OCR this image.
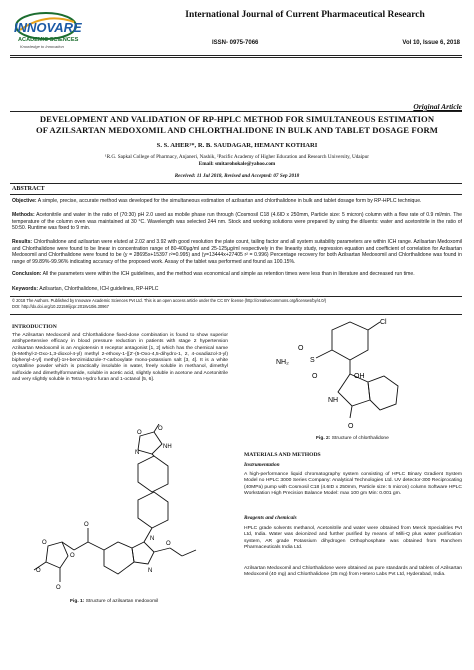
INNOVARE
ACADEMIC SCIENCES
Knowledge to Innovation
International Journal of Current Pharmaceutical Research
ISSN- 0975-7066	Vol 10, Issue 6, 2018
Original Article
DEVELOPMENT AND VALIDATION OF RP-HPLC METHOD FOR SIMULTANEOUS ESTIMATION
OF AZILSARTAN MEDOXOMIL AND CHLORTHALIDONE IN BULK AND TABLET DOSAGE FORM
S. S. AHER¹*, R. B. SAUDAGAR, HEMANT KOTHARI
¹R.G. Sapkal College of Pharmacy, Anjaneri, Nashik, ²Pacific Academy of Higher Education and Research University, Udaipur
Email: smitarohokale@yahoo.com
Received: 11 Jul 2018, Revised and Accepted: 07 Sep 2018
ABSTRACT
Objective: A simple, precise, accurate method was developed for the simultaneous estimation of azilsartan and chlorthalidone in bulk and tablet dosage form by RP-HPLC technique.
Methods: Acetonitrile and water in the ratio of (70:30) pH 2.0 used as mobile phase run through (Cosmosil C18 (4.6ID x 250mm, Particle size: 5 micron) column with a flow rate of 0.9 ml/min. The temperature of the column oven was maintained at 30 °C. Wavelength was selected 244 nm. Stock and working solutions were prepared by using the diluents: water and acetonitrile in the ratio of 50:50. Runtime was fixed to 9 min.
Results: Chlorthalidone and azilsartan were eluted at 2.02 and 3.92 with good resolution the plate count, tailing factor and all system suitability parameters are within ICH range. Azilsartan Medoxomil and Chlorthalidone were found to be linear in concentration range of 80-400µg/ml and 25-125µg/ml respectively in the linearity study, regression equation and coefficient of correlation for Azilsartan Medoxomil and Chlorthalidone were found to be (y = 28695x+15397 r²=0.995) and (y=13444x+27405 r² = 0.996) Percentage recovery for both Azilsartan Medoxomil and Chlorthalidone was found in range of 99.89%-99.96% indicating accuracy of the proposed work. Assay of the tablet was performed and found as 100.15%.
Conclusion: All the parameters were within the ICH guidelines, and the method was economical and simple as retention times were less than in literature and decreased run time.
Keywords: Azilsartan, Chlorthalidone, ICH guidelines, RP-HPLC
© 2018 The Authors. Published by Innovare Academic Sciences Pvt Ltd. This is an open access article under the CC BY license (http://creativecommons.org/licenses/by/4.0/)
DOI: http://dx.doi.org/10.22159/ijcpr.2018v10i6.30967
INTRODUCTION
The Azilsartan Medoxomil and Chlorthalidone fixed-dose combination is found to show superior antihypertensive efficacy in blood pressure reduction in patients with stage 2 hypertension Azilsartan Medoxomil is an Angiotensin II receptor antagonist [1, 2] which has the chemical name (5-Methyl-2-Oxo-1,3-dioxol-4-yl) methyl 2-ethoxy-1-{[2'-(5-Oxo-4,5-dihydro-1, 2, 4-oxadiazol-3-yl) biphenyl-4-yl] methyl}-1H-benzimidazole-7-carboxylate mono-potassium salt [3, 4]. It is a white crystalline powder which is practically insoluble in water, freely soluble in methanol, dimethyl sulfoxide and dimethylformamide, soluble in acetic acid, slightly soluble in acetone and Acetonitrile and very slightly soluble in Tetra Hydro furan and 1-octanol [5, 6].
O
N
NH
O
O
O
O
O
N
N
O
O
Fig. 1: Structure of azilsartan medoxomil
Cl
S
O
O
NH₂
OH
NH
O
Fig. 2: Structure of chlorthalidone
MATERIALS AND METHODS
Instrumentation
A high-performance liquid chromatography system consisting of HPLC Binary Gradient System Model no HPLC 3000 Series Company: Analytical Technologies Ltd. UV detector-300 Reciprocating (40MPa) pump with Cosmosil C18 (4.6ID x 250mm, Particle size: 5 micron) column Software HPLC Workstation High Precision Balance Model: max 100 gm Min: 0.001 gm.
Reagents and chemicals
HPLC grade solvents methanol, Acetonitrile and water were obtained from Merck Specialities Pvt Ltd, India. Water was deionized and further purified by means of Milli-Q plus water purification system, AR grade Potassium dihydrogen Orthophosphate was obtained from Ranchem Pharmaceuticals India Ltd.
Azilsartan Medoxomil and Chlorthalidone were obtained as pure standards and tablets of Azilsartan Medoxomil (40 mg) and Chlorthalidone (25 mg) from Hetero Labs Pvt Ltd, Hyderabad, India.
